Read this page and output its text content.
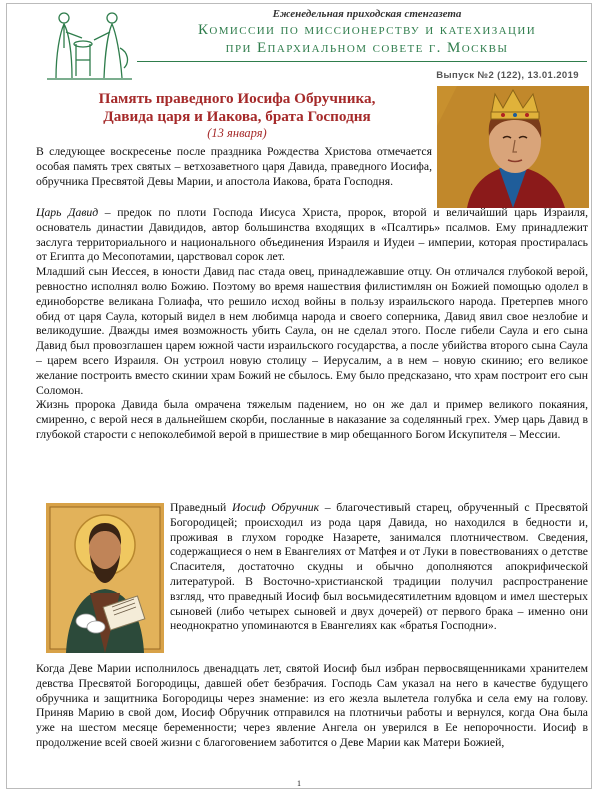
Еженедельная приходская стенгазета
Комиссии по миссионерству и катехизации
при Епархиальном совете г. Москвы
Выпуск №2 (122), 13.01.2019
Память праведного Иосифа Обручника,
Давида царя и Иакова, брата Господня
(13 января)

В следующее воскресенье после праздника Рождества Христова отмечается особая память трех святых – ветхозаветного царя Давида, праведного Иосифа, обручника Пресвятой Девы Марии, и апостола Иакова, брата Господня.

Царь Давид – предок по плоти Господа Иисуса Христа, пророк, второй и величайший царь Израиля, основатель династии Давидидов, автор большинства входящих в «Псалтирь» псалмов. Ему принадлежит заслуга территориального и национального объединения Израиля и Иудеи – империи, которая простиралась от Египта до Месопотамии, царствовал сорок лет.

Младший сын Иессея, в юности Давид пас стада овец, принадлежавшие отцу. Он отличался глубокой верой, ревностно исполнял волю Божию. Поэтому во время нашествия филистимлян он Божией помощью одолел в единоборстве великана Голиафа, что решило исход войны в пользу израильского народа. Претерпев много обид от царя Саула, который видел в нем любимца народа и своего соперника, Давид явил свое незлобие и великодушие. Дважды имея возможность убить Саула, он не сделал этого. После гибели Саула и его сына Давид был провозглашен царем южной части израильского государства, а после убийства второго сына Саула – царем всего Израиля. Он устроил новую столицу – Иерусалим, а в нем – новую скинию; его великое желание построить вместо скинии храм Божий не сбылось. Ему было предсказано, что храм построит его сын Соломон.

Жизнь пророка Давида была омрачена тяжелым падением, но он же дал и пример великого покаяния, смиренно, с верой неся в дальнейшем скорби, посланные в наказание за соделянный грех. Умер царь Давид в глубокой старости с непоколебимой верой в пришествие в мир обещанного Богом Искупителя – Мессии.

Праведный Иосиф Обручник – благочестивый старец, обрученный с Пресвятой Богородицей; происходил из рода царя Давида, но находился в бедности и, проживая в глухом городке Назарете, занимался плотничеством. Сведения, содержащиеся о нем в Евангелиях от Матфея и от Луки в повествованиях о детстве Спасителя, достаточно скудны и обычно дополняются апокрифической литературой. В Восточно-христианской традиции получил распространение взгляд, что праведный Иосиф был восьмидесятилетним вдовцом и имел шестерых сыновей (либо четырех сыновей и двух дочерей) от первого брака – именно они неоднократно упоминаются в Евангелиях как «братья Господни».

Когда Деве Марии исполнилось двенадцать лет, святой Иосиф был избран первосвященниками хранителем девства Пресвятой Богородицы, давшей обет безбрачия. Господь Сам указал на него в качестве будущего обручника и защитника Богородицы через знамение: из его жезла вылетела голубка и села ему на голову. Приняв Марию в свой дом, Иосиф Обручник отправился на плотничьи работы и вернулся, когда Она была уже на шестом месяце беременности; через явление Ангела он уверился в Ее непорочности. Иосиф в продолжение всей своей жизни с благоговением заботится о Деве Марии как Матери Божией,

1
